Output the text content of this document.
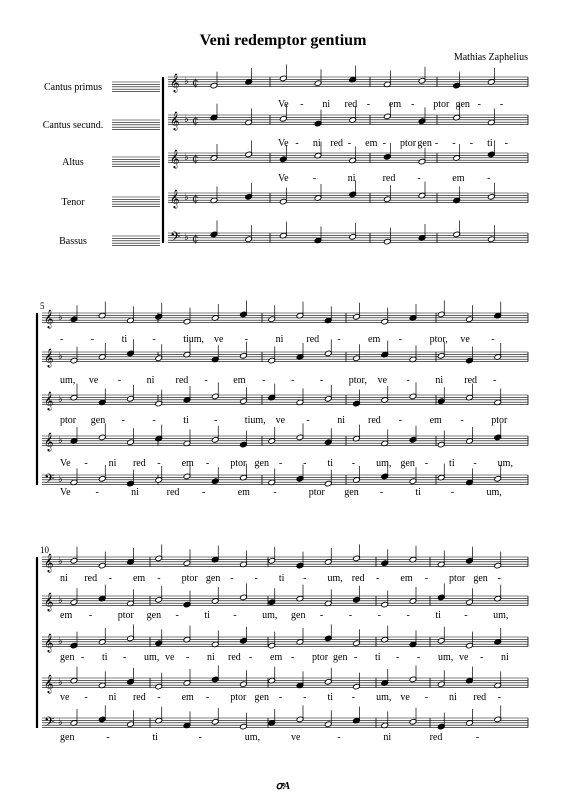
Veni redemptor gentium
Mathias Zaphelius
Cantus primus
Cantus secund.
Altus
Tenor
Bassus
𝄞 ♭ ₵
Ve - ni red - em - ptor gen - -
𝄞 ♭ ₵
Ve - ni red - em - ptor gen - - - ti -
𝄞 ♭ ₵
Ve -	ni	red -	em -
𝄞 ♭ ₵
𝄢 ♭ ₵
𝄞 ♭
-	-	ti	-	tium, ve -	ni red -	em -	ptor, ve -
𝄞 ♭
um, ve -	ni red -	em -	-	-	ptor, ve -	ni red -
𝄞 ♭
ptor gen -	-	ti	-	tium, ve -	ni red -	em -	ptor
𝄞 ♭
Ve - ni red - em - ptor gen - - ti - um, gen - ti - um,
𝄢 ♭
Ve -	ni	red -	em -	ptor gen -	ti	-	um,
5
𝄞 ♭
ni red - em - ptor gen - - ti - um, red - em - ptor gen -
𝄞 ♭
em -	ptor gen -	ti -	um, gen -	-	-	-	ti -	um,
𝄞 ♭
gen - ti - um, ve - ni red - em - ptor gen - ti - - um, ve - ni
𝄞 ♭
ve - ni red - em - ptor gen - - ti - um, ve - ni red -
𝄢 ♭
gen	-	ti	-	um,	ve	-	ni	red	-
10
ꝍA
